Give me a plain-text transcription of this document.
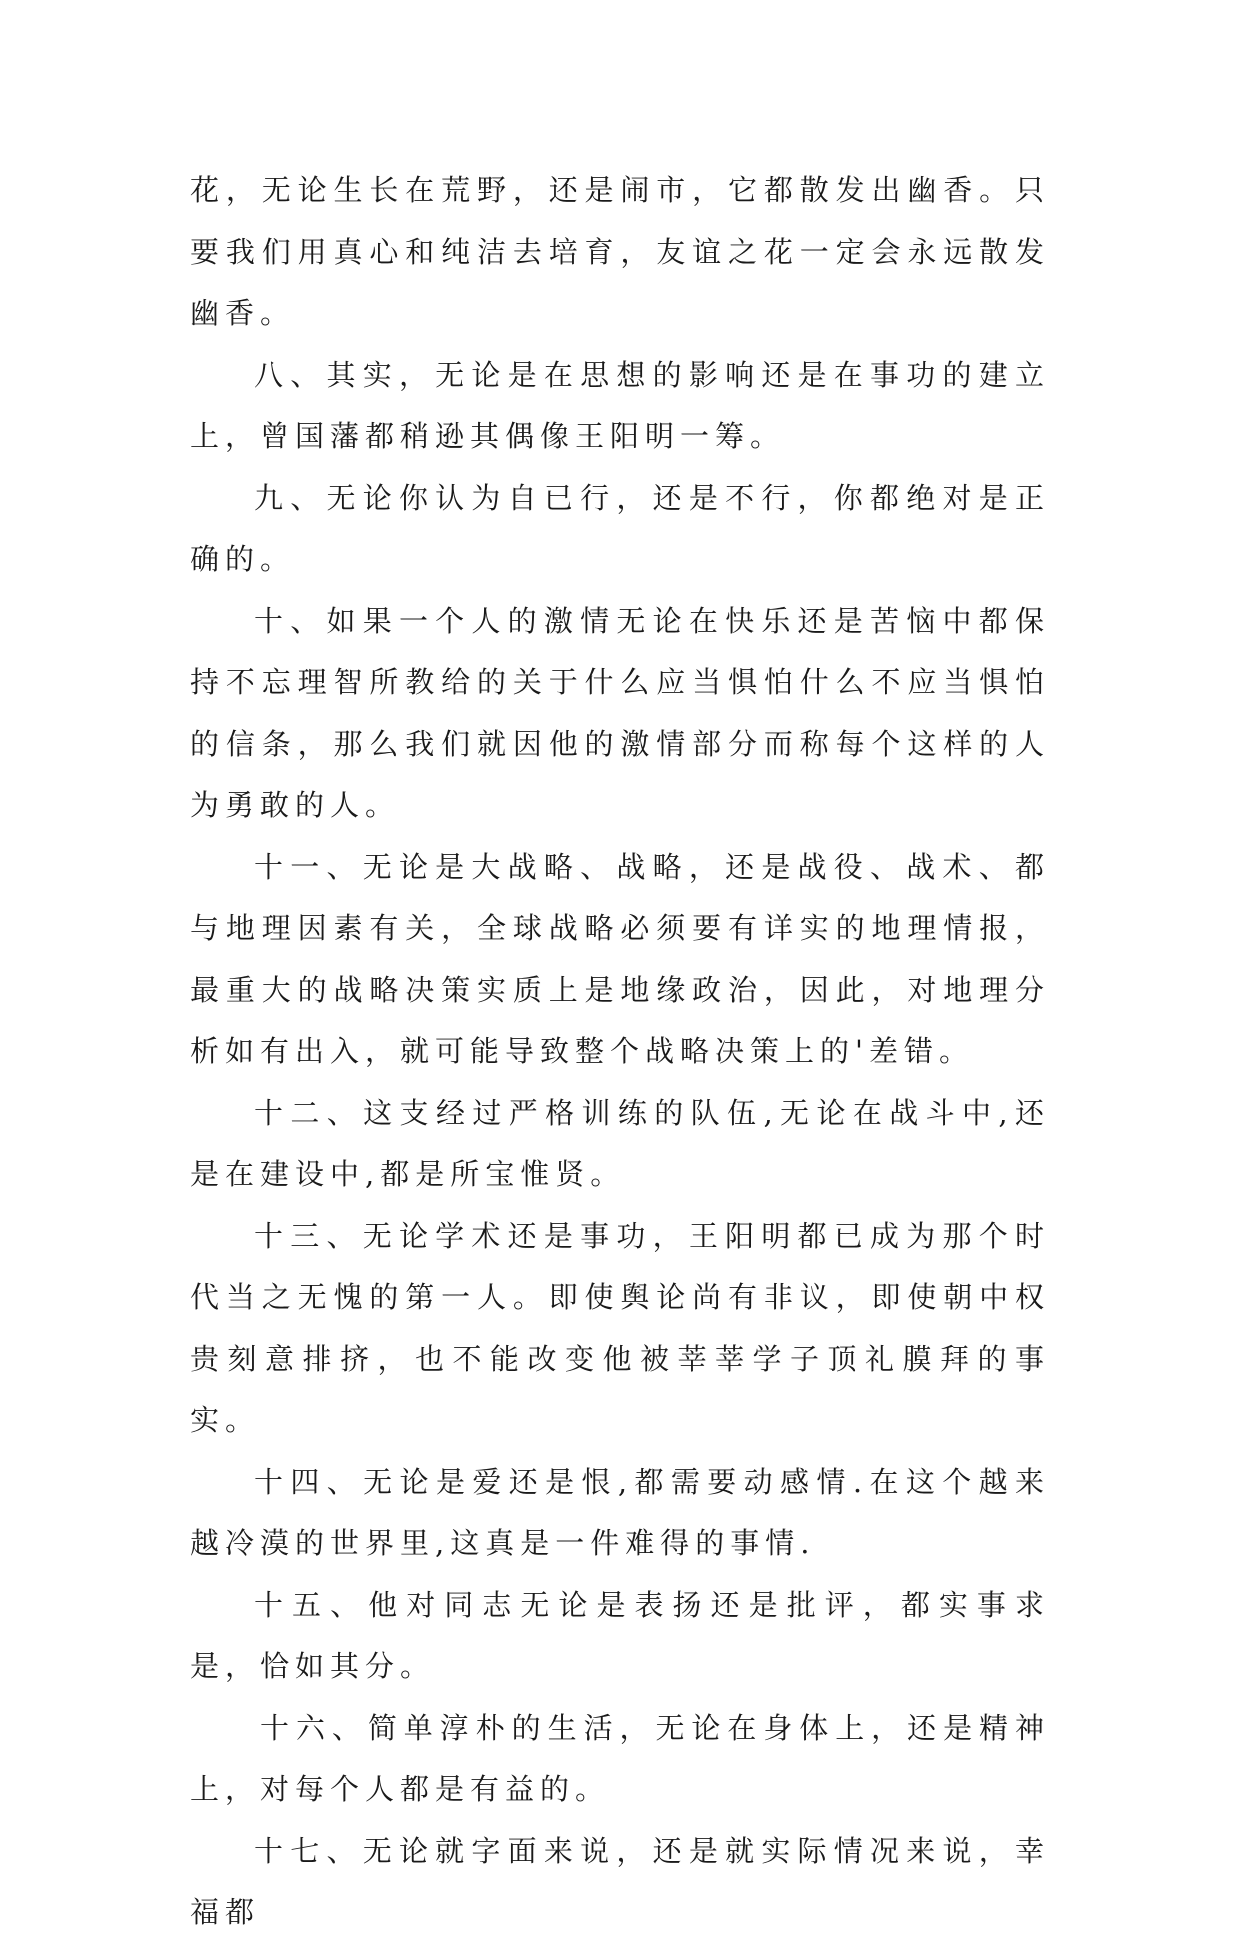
花，无论生长在荒野，还是闹市，它都散发出幽香。只要我们用真心和纯洁去培育，友谊之花一定会永远散发幽香。

八、其实，无论是在思想的影响还是在事功的建立上，曾国藩都稍逊其偶像王阳明一筹。

九、无论你认为自已行，还是不行，你都绝对是正确的。

十、如果一个人的激情无论在快乐还是苦恼中都保持不忘理智所教给的关于什么应当惧怕什么不应当惧怕的信条，那么我们就因他的激情部分而称每个这样的人为勇敢的人。

十一、无论是大战略、战略，还是战役、战术、都与地理因素有关，全球战略必须要有详实的地理情报，最重大的战略决策实质上是地缘政治，因此，对地理分析如有出入，就可能导致整个战略决策上的'差错。

十二、这支经过严格训练的队伍,无论在战斗中,还是在建设中,都是所宝惟贤。

十三、无论学术还是事功，王阳明都已成为那个时代当之无愧的第一人。即使舆论尚有非议，即使朝中权贵刻意排挤，也不能改变他被莘莘学子顶礼膜拜的事实。

十四、无论是爱还是恨,都需要动感情.在这个越来越冷漠的世界里,这真是一件难得的事情.

十五、他对同志无论是表扬还是批评，都实事求是，恰如其分。

十六、简单淳朴的生活，无论在身体上，还是精神上，对每个人都是有益的。

十七、无论就字面来说，还是就实际情况来说，幸福都
